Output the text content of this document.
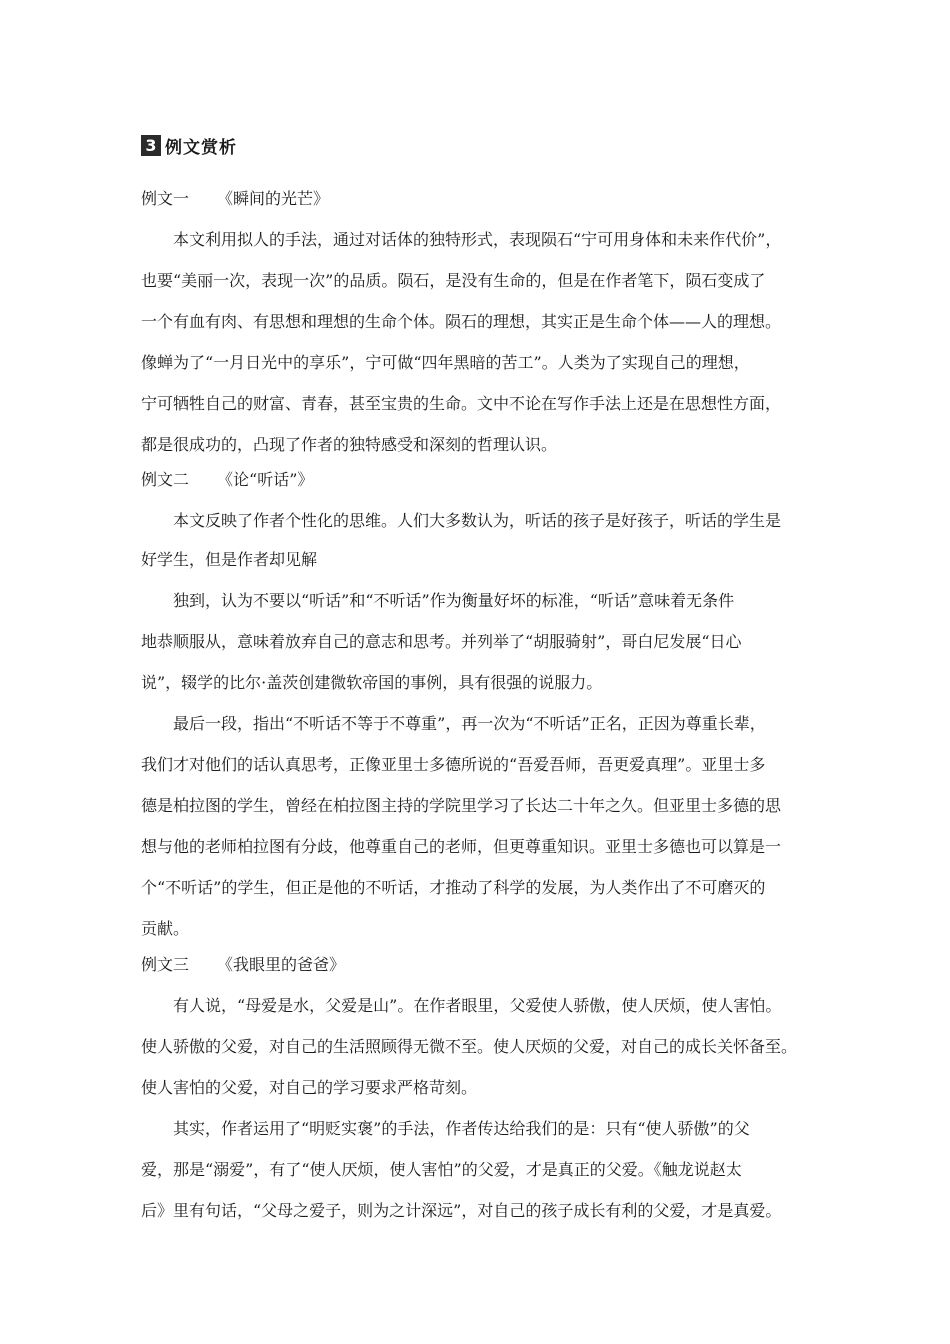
3 例文赏析
例文一 《瞬间的光芒》
本文利用拟人的手法，通过对话体的独特形式，表现陨石“宁可用身体和未来作代价”，
也要“美丽一次，表现一次”的品质。陨石，是没有生命的，但是在作者笔下，陨石变成了
一个有血有肉、有思想和理想的生命个体。陨石的理想，其实正是生命个体——人的理想。
像蝉为了“一月日光中的享乐”，宁可做“四年黑暗的苦工”。人类为了实现自己的理想，
宁可牺牲自己的财富、青春，甚至宝贵的生命。文中不论在写作手法上还是在思想性方面，
都是很成功的，凸现了作者的独特感受和深刻的哲理认识。
例文二 《论“听话”》
本文反映了作者个性化的思维。人们大多数认为，听话的孩子是好孩子，听话的学生是
好学生，但是作者却见解
独到，认为不要以“听话”和“不听话”作为衡量好坏的标准，“听话”意味着无条件
地恭顺服从，意味着放弃自己的意志和思考。并列举了“胡服骑射”，哥白尼发展“日心
说”，辍学的比尔·盖茨创建微软帝国的事例，具有很强的说服力。
最后一段，指出“不听话不等于不尊重”，再一次为“不听话”正名，正因为尊重长辈，
我们才对他们的话认真思考，正像亚里士多德所说的“吾爱吾师，吾更爱真理”。亚里士多
德是柏拉图的学生，曾经在柏拉图主持的学院里学习了长达二十年之久。但亚里士多德的思
想与他的老师柏拉图有分歧，他尊重自己的老师，但更尊重知识。亚里士多德也可以算是一
个“不听话”的学生，但正是他的不听话，才推动了科学的发展，为人类作出了不可磨灭的
贡献。
例文三 《我眼里的爸爸》
有人说，“母爱是水，父爱是山”。在作者眼里，父爱使人骄傲，使人厌烦，使人害怕。
使人骄傲的父爱，对自己的生活照顾得无微不至。使人厌烦的父爱，对自己的成长关怀备至。
使人害怕的父爱，对自己的学习要求严格苛刻。
其实，作者运用了“明贬实褒”的手法，作者传达给我们的是：只有“使人骄傲”的父
爱，那是“溺爱”，有了“使人厌烦，使人害怕”的父爱，才是真正的父爱。《触龙说赵太
后》里有句话，“父母之爱子，则为之计深远”，对自己的孩子成长有利的父爱，才是真爱。
